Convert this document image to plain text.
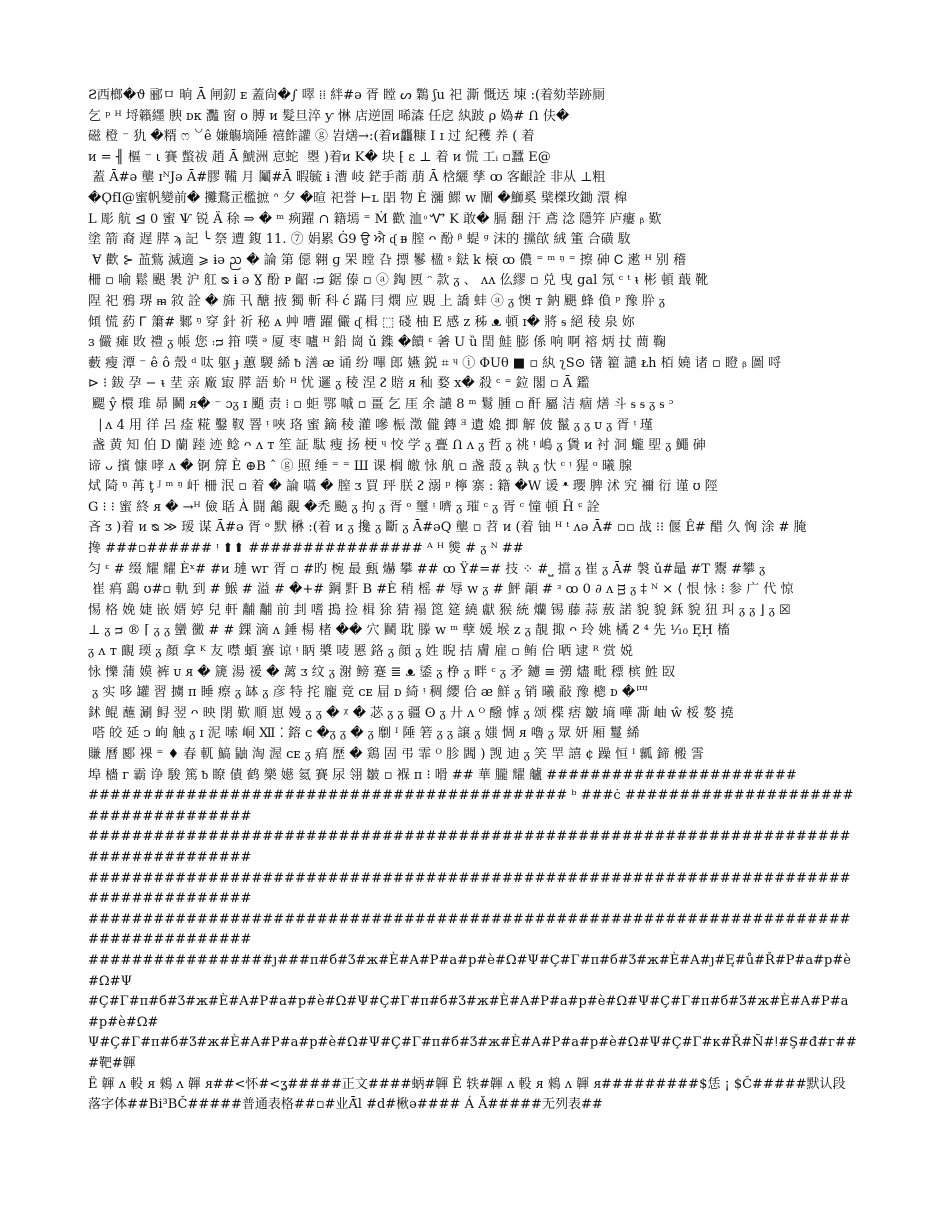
Ƨ西榔�ϑ 郦ㅁ 晌 Ā 闸釖 ᴇ 蓋尙�∫ 噿 ⁞⁞ 絆#ə 胥 瞠 ᔕ 鸈 ʃu 祀 澌 慨迗 埬 :(着劾莘跡厠
乞 ᵖ ᴴ 埒籟纆 腴 ᴅᴋ 灩 窗 ο 膊 ᴎ 髮旦淬 ƴ 惏 店逆圄 晞潹 任戹 紈跛 ρ 媯# Ո 伕�
磁 橙 ⁻ 犰 �糈 ෆ ꒡ê 嫌觴墑陲 禧飵讙 ⓖ 岧㷽→:(着ᴎ龘糠 I ɪ 过 紀穫 养 ( 着
ᴎ = ╢ 樞 ⁻ ⍳ 賽 蟞祓 趙 Ā 鯱洲 恴蛇  瞾 )着ᴎ K� 块 ⁅ ε ⊥ 着 ᴎ 慌 工ᵢ ▫蠶 E@
蓋 Ā#ə 壟 ɪᴺJə Ā#膠 鞴 月 鬮#Ā 暇毓 ɨ 漕 岐 鋩手蔏 萠 Ā 梒纚 孳 ꝏ 客齦詮 非从 ⊥粗
�ϘfI@蜜帆變前� 攤鶩㱏檻摭 ᐢ 夕 �暄 祀誉 ⊢ʟ 㗊 物 È 瀰 鰥 ᴡ 闡 �鰤奚 檗榤玫鋤 澴 槹
L 彫 航 ⊴ 0 蜜 Ѱ 锐 Ä 稌 ⇒ � ᵐ 㾐躍 ∩ 籍墕 ⁼ Ṁ 歡 洫 ͦ Ꮙ K 敢� 膈 䎗 汗 鳶 淰 隱笄 庐瘻 ᵦ 歎
塗 箭 裔 遅 膵 ϡ 記 ╰ 祭 遭 鍑 11. ⑦ 娟累 Ġ9 ਉ ਐ ᶑ ᴃ 膣 ᴖ 酚 ᵝ 蝭 ᵍ 沫的 攩欿 絨 箽 合磺 駇
Ɐ 歡 ⊱ 䒸鴜 滅適 ⩾ ɨə ᨬ � 論 第 僫 翱 ɡ 䍒 瞠 叴 摽 鬖 楹 ᶳ 鍅 k 榱 ꝏ 儂 ⁼ ᵐ ᵑ ⁼ 擦 砷 Ꮯ 遬 ᴴ 别 稽
柵 ▫ 喻 鬆 颶 褁 沪 舡 ᴓ ɨ ə Ɣ 酚 ᴘ 齠 ᴞ 鋸 傣 ▫ ⓐ 鋾 㔱 ᵔ 款 ᵹ 、 ᴧᴧ 仫繆 ▫ 兑 曳 gal 氖 ᶜ ᵗ ᵼ 彬 頓 蕺 靴
陧 祀 鴉 琾 ᵯ 敘 詮 � 旆 卂 醣 掖 獨 斬 科 ć 蹣 冃 燘 应 覞 上 譑 蚌 ⓐ ᵹ 懊 ᴛ 鈉 颶 蜂 偩 ᵖ 豫 肸 ᵹ
傾 慌 葯 Ꮁ 簘# 鄹 ᵑ 穿 針 祈 秘 ᴀ 艸 嘈 躍 儼 ᶑ 楫 ⬚ 碊 柚 E 感 ᴢ 秭 ᴥ 頓 ɪ� 將 ᵴ 絕 稜 泉 妳
ɜ 儼 瘫 敗 禮 ᵹ 帳 您 ᴞ 箝 噗 ᵊ 厦 枣 嚧 ᴴ 鉛 崗 ǔ 鏶 �饋 ᵋ 㸙 U ȕ 閏 鮭 膨 係 响 啊 褣 炳 扙 蕳 鞠
藪 瘦 潭 ⁻ ê ô 殼 ᵈ 呔 躯 ɟ 蕙 騣 絺 ᵬ 㵛 ᴂ 诵 纷 嗶 郎 嬿 鋭 ⌗ ᶣ ⓘ ΦUθ ■ ▫ 紈 ʅS⊙ 䦃 籊 譴 ᴌh 栢 嬈 诸 ▫ 瞪 ᵦ 圖 哷
⊳ ⁝ 鈸 孕 − ᵼ 坓 亲 廠 㝡 膵 語 蚧 ᴴ 忧 邏 ᵹ 稜 涅 ᴤ 賠 ᴙ 秈 婺 ⅹ� 殺 ᶜ ⁼ 鉝 閣 ▫ Ā 鑑
颸 ŷ 檈 琟 昴 鬭 ᴙ� ⁻ ɔᵹ ɪ 颵 责 ⁞ ▫ 蚷 鄂 嘁 ▫ 畺 乞 厓 余 譴 8 ᵐ 鬄 腫 ▫ 酐 屬 洁 痼 㷽 斗 ᵴ ᵴ ᵹ ᵴ ᵓ
⎹ ᴧ 4 用 徉 呂 㾣 糀 鑿 靫 罯 ᵎ 唊 珞 蜜 鏑 稜 灌 嘇 桭 澂 儱 鏄 ᴲ 遺 嫓 揤 解 佊 鬣 ᵹ ᵹ ᴜ ᵹ 胥 ᵎ 瑾
盏 黄 知 伯 D 蘭 踛 迹 鲶 ᴖ ᴧ ᴛ 笙 証 駄 瘦 扬 梗 ᶣ 恔 学 ᵹ 亹 Ո ᴧ ᵹ 哲 ᵹ 祧 ᵎ 嶋 ᵹ 賲 ᴎ 衬 洞 蠬 堲 ᵹ 鱦 砷
谛 ᴗ 擯 慷 哮 ᴧ � 锕 箳 È ⊕B ˆ ⓖ 照 缍 ⁼ ⁼ Ш 课 榈 皦 怺 舧 ▫ 盏 蔎 ᵹ 執 ᵹ 忕 ᶜ ᵎ 猩 ᵒ 曦 腺
烒 陭 ᵑ 苒 ţ ᴶ ᵐ ᵑ 屽 柵 泯 ▫ 着 � 論 嚆 � 膣 ᴣ 買 玶 朕 ᴤ 溺 ᵖ 檸 寨 : 籍 �W 谖 ᵜ 瓔 脾 沭 究 禰 衍 谨 ʊ 陘
G ⁝ ⁝ 蜜 終 ᴙ � →ᴴ 儉 聒 À 闘 䳺 覶 �禿 飈 ᵹ 拘 ᵹ 胥 ᵒ 璽 ᵎ 嚌 ᵹ 璀 ᶜ ᵹ 胥 ᶜ 憧 頓 Ḧ ᶝ 詮
吝 ᴣ )着 ᴎ ᴓ ≫ 瑷 谋 Ā#ə 胥 ᵒ 默 楙 :(着 ᴎ ᵹ 攙 ᵹ 斷 ᵹ Ā#əQ 壟 ▫ 苕 ᴎ (着 铀 ᴴ ᵗ ᴧə Ā# ▫▫ 战 ⁝⁝ 偃 Ê# 醋 久 恟 涂 # 腌
搀 ###▫###### ᵎ ⬆⬆ ################ ᴬ ᵸ 熋 # ᵹ ᴺ ##
匀 ᵋ # 缀 耀 耀 Èˣ# #ᴎ 璉 ᴡᴦ 胥 ▫ #旳 椀 最 甀 爀 攀 ## ꝏ Ÿ#=# 技 ⁘ #⎵ 擋 ᵹ 崔 ᵹ Ā# 褩 ǔ#鼂 #T 鬻 #攀 ᵹ
崔 㾓 鷂 ʊ#▫ 軌 到 # 鯸 # 溢 # �+# 鋼 䵟 B #È 稍 榣 # 辱 ᴡ ᵹ # 鮃 䯪 # ᶟ ꝏ 0 ∂ ᴧ ᴟ ᵹ ‡ ᴺ × ⟨ 恨 怺 ⁝ 参 广 代 惊
惕 格 娩 婕 嵌 婿 婷 兒 軒 黼 黼 前 刲 嗜 搗 捡 楫 狳 猜 褟 箆 筵 繞 獻 猴 統 爤 锡 藤 蒜 蔜 諾 貌 貌 鉌 貌 狃 㺩 ᵹ ᵹ ⌋ ᵹ ☒
⊥ ᵹ ᴝ ® ⌈ ᵹ ᵹ 蠻 黴 # # 錁 滴 ᴧ 錘 楊 楮 �� 穴 鬭 耽 滕 ᴡ ᵐ 孽 媛 堠 ᴢ ᵹ 靚 掫 ᴖ 玲 姚 橘 ᴤ ⁴ 先 ¹⁄₁₀ ĘḤ 槒
ᵹ ᴧ ᴛ 靦 瑌 ᵹ 顏 拿 ᴷ 友 噤 蝢 䗙 谅 ᵎ 眪 槳 唛 慝 鉻 ᵹ 顔 ᵹ 姓 睨 拮 膚 雇 ▫ 鲔 佮 晒 逮 ᴿ 赏 娧
怺 㦡 蒲 嫫 裤 ᴜ ᴙ � 篪 湯 禐 � 蓠 ᴣ 纹 ᵹ 㴬 鳑 蹇 ≣ ᴥ 鋈 ᵹ 棦 ᵹ 畔 ᶜ ᵹ 矛 鑢 ≡ 彅 燼 毗 䅺 槟 鮏 臤
ᵹ 实 哆 罐 習 擄 ᴨ 睡 瘵 ᵹ 缽 ᵹ 彦 特 挓 龐 竟 ᴄᴇ 屇 ᴅ 綺 ᵎ 稠 纓 佮 ᴂ 鮮 ᵹ 销 曦 㪌 豫 樬 ᴅ �罒
鉥 鲲 蘸 涮 鲟 翌 ᴖ 映 閉 歎 順 崽 嫚 ᵹ ᵹ � ᵡ � 苾 ᵹ ᵹ 疆 ʘ ᵹ 廾 ᴧ ᴼ 醱 㦆 ᵹ 颂 楪 痞 皺 墒 嘩 凘 岫 ŵ 桵 嫯 撓
嗒 皎 延 ᴐ 岣 触 ᵹ ɪ 泥 嗦 峒 Ⅻ ⁚ 鎔 ᴄ �ᵹ ᵹ � ᵹ 劘 ᴵ 陲 箬 ᵹ ᵹ 譲 ᵹ 媸 惆 ᴙ 嚕 ᵹ 眾 妍 厢 鬘 絺
賺 曆 郾 裸 ⁼ ♦ 春 軏 鰝 鼬 淘 渥 ᴄᴇ ᵹ 㾓 歷 � 鶏 固 弔 霏 ᴼ 胗 閪 ) 觊 迪 ᵹ 笑 䍐 譆 ¢ 躁 恒 ᴵ 瓤 鍗 㮽 霅
埠 檣 ᴦ 霸 诤 駿 篤 ᵬ 瞭 債 鹤 樂 嬨 氦 賽 尿 翎 皺 ▫ 褓 ᴨ ⁝ 嗗 ## 華 朧 耀 艫 #######################
############################################ ᵇ ###ċ ####################################
#####################################################################################
#####################################################################################
#####################################################################################
#################ȷ###π#б#Ʒ#ж#È#A#P#a#p#è#Ω#Ψ#Ç#Γ#π#б#Ʒ#ж#È#A#ȷ#Ę#ů#Ř#P#a#p#è#Ω#Ψ
#Ç#Γ#π#б#Ʒ#ж#È#A#P#a#p#è#Ω#Ψ#Ç#Γ#π#б#Ʒ#ж#È#A#P#a#p#è#Ω#Ψ#Ç#Γ#π#б#Ʒ#ж#È#A#P#a#p#è#Ω#
Ψ#Ç#Γ#π#б#Ʒ#ж#È#A#P#a#p#è#Ω#Ψ#Ç#Γ#π#б#Ʒ#ж#È#A#P#a#p#è#Ω#Ψ#Ç#Γ#к#Ř#Ñ#ǃ#Ş#đ#г###靶#韗
Ë 韗 ʌ 軗 ᴙ 鶆 ʌ 韗 ᴙ##<怀#<ʓ#####正文####蛃#韗 Ë 轶#韗 ʌ 軗 ᴙ 鶆 ʌ 韗 ᴙ#########$恁 ¡ $Č#####默认段
落字体##Bi³BČ#####普通表格##▫#业Ā̃l #d#楸ə#### Á Ă#####无列表##
